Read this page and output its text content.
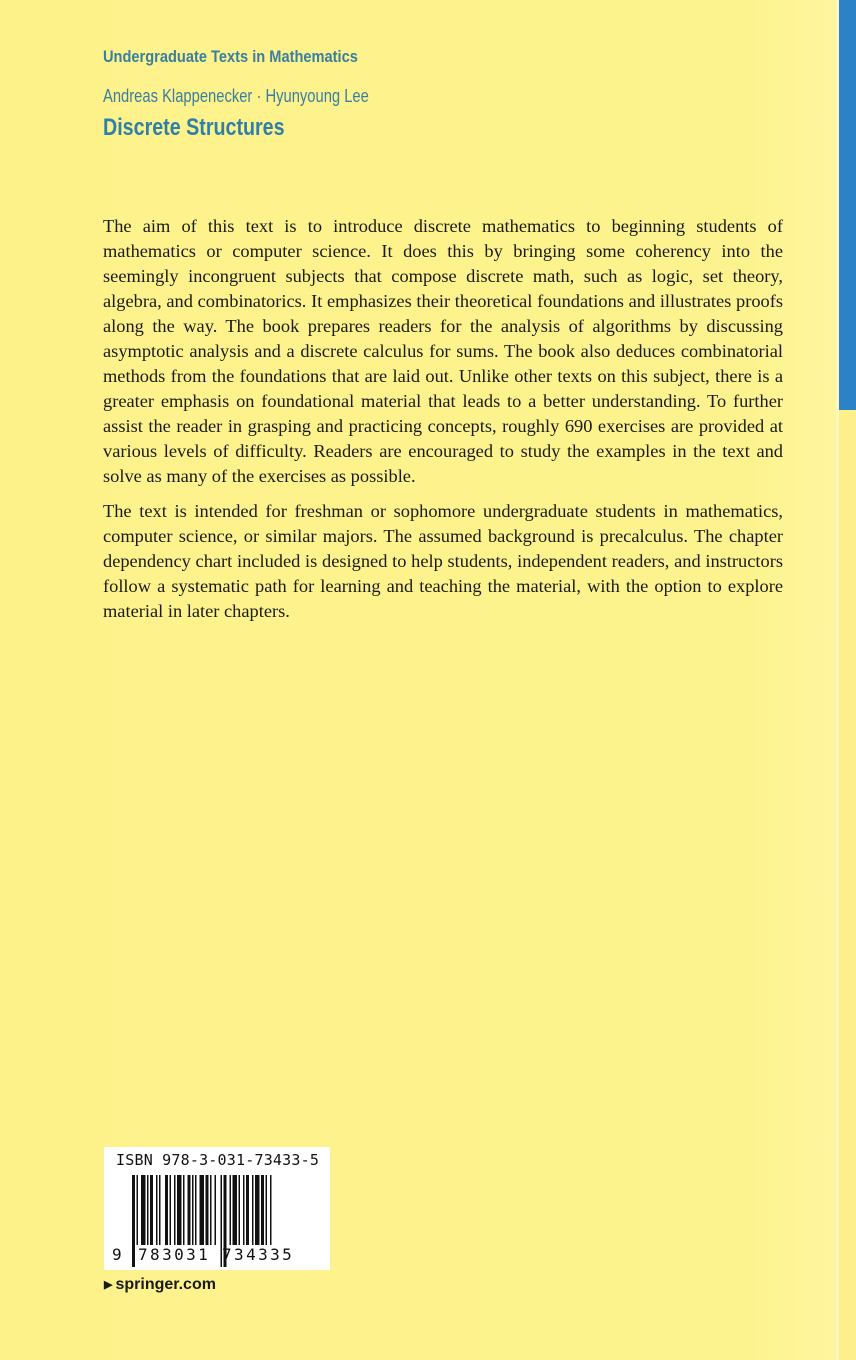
Undergraduate Texts in Mathematics
Andreas Klappenecker · Hyunyoung Lee
Discrete Structures

The aim of this text is to introduce discrete mathematics to beginning students of mathematics or computer science. It does this by bringing some coherency into the seemingly incongruent subjects that compose discrete math, such as logic, set theory, algebra, and combinatorics. It emphasizes their theoretical foundations and illustrates proofs along the way. The book prepares readers for the analysis of algorithms by discussing asymptotic analysis and a discrete calculus for sums. The book also deduces combinatorial methods from the foundations that are laid out. Unlike other texts on this subject, there is a greater emphasis on foundational material that leads to a better understanding. To further assist the reader in grasping and practicing concepts, roughly 690 exercises are provided at various levels of difficulty. Readers are encouraged to study the examples in the text and solve as many of the exercises as possible.

The text is intended for freshman or sophomore undergraduate students in mathematics, computer science, or similar majors. The assumed background is precalculus. The chapter dependency chart included is designed to help students, independent readers, and instructors follow a systematic path for learning and teaching the material, with the option to explore material in later chapters.

ISBN 978-3-031-73433-5
9 783031 734335
▶ springer.com
